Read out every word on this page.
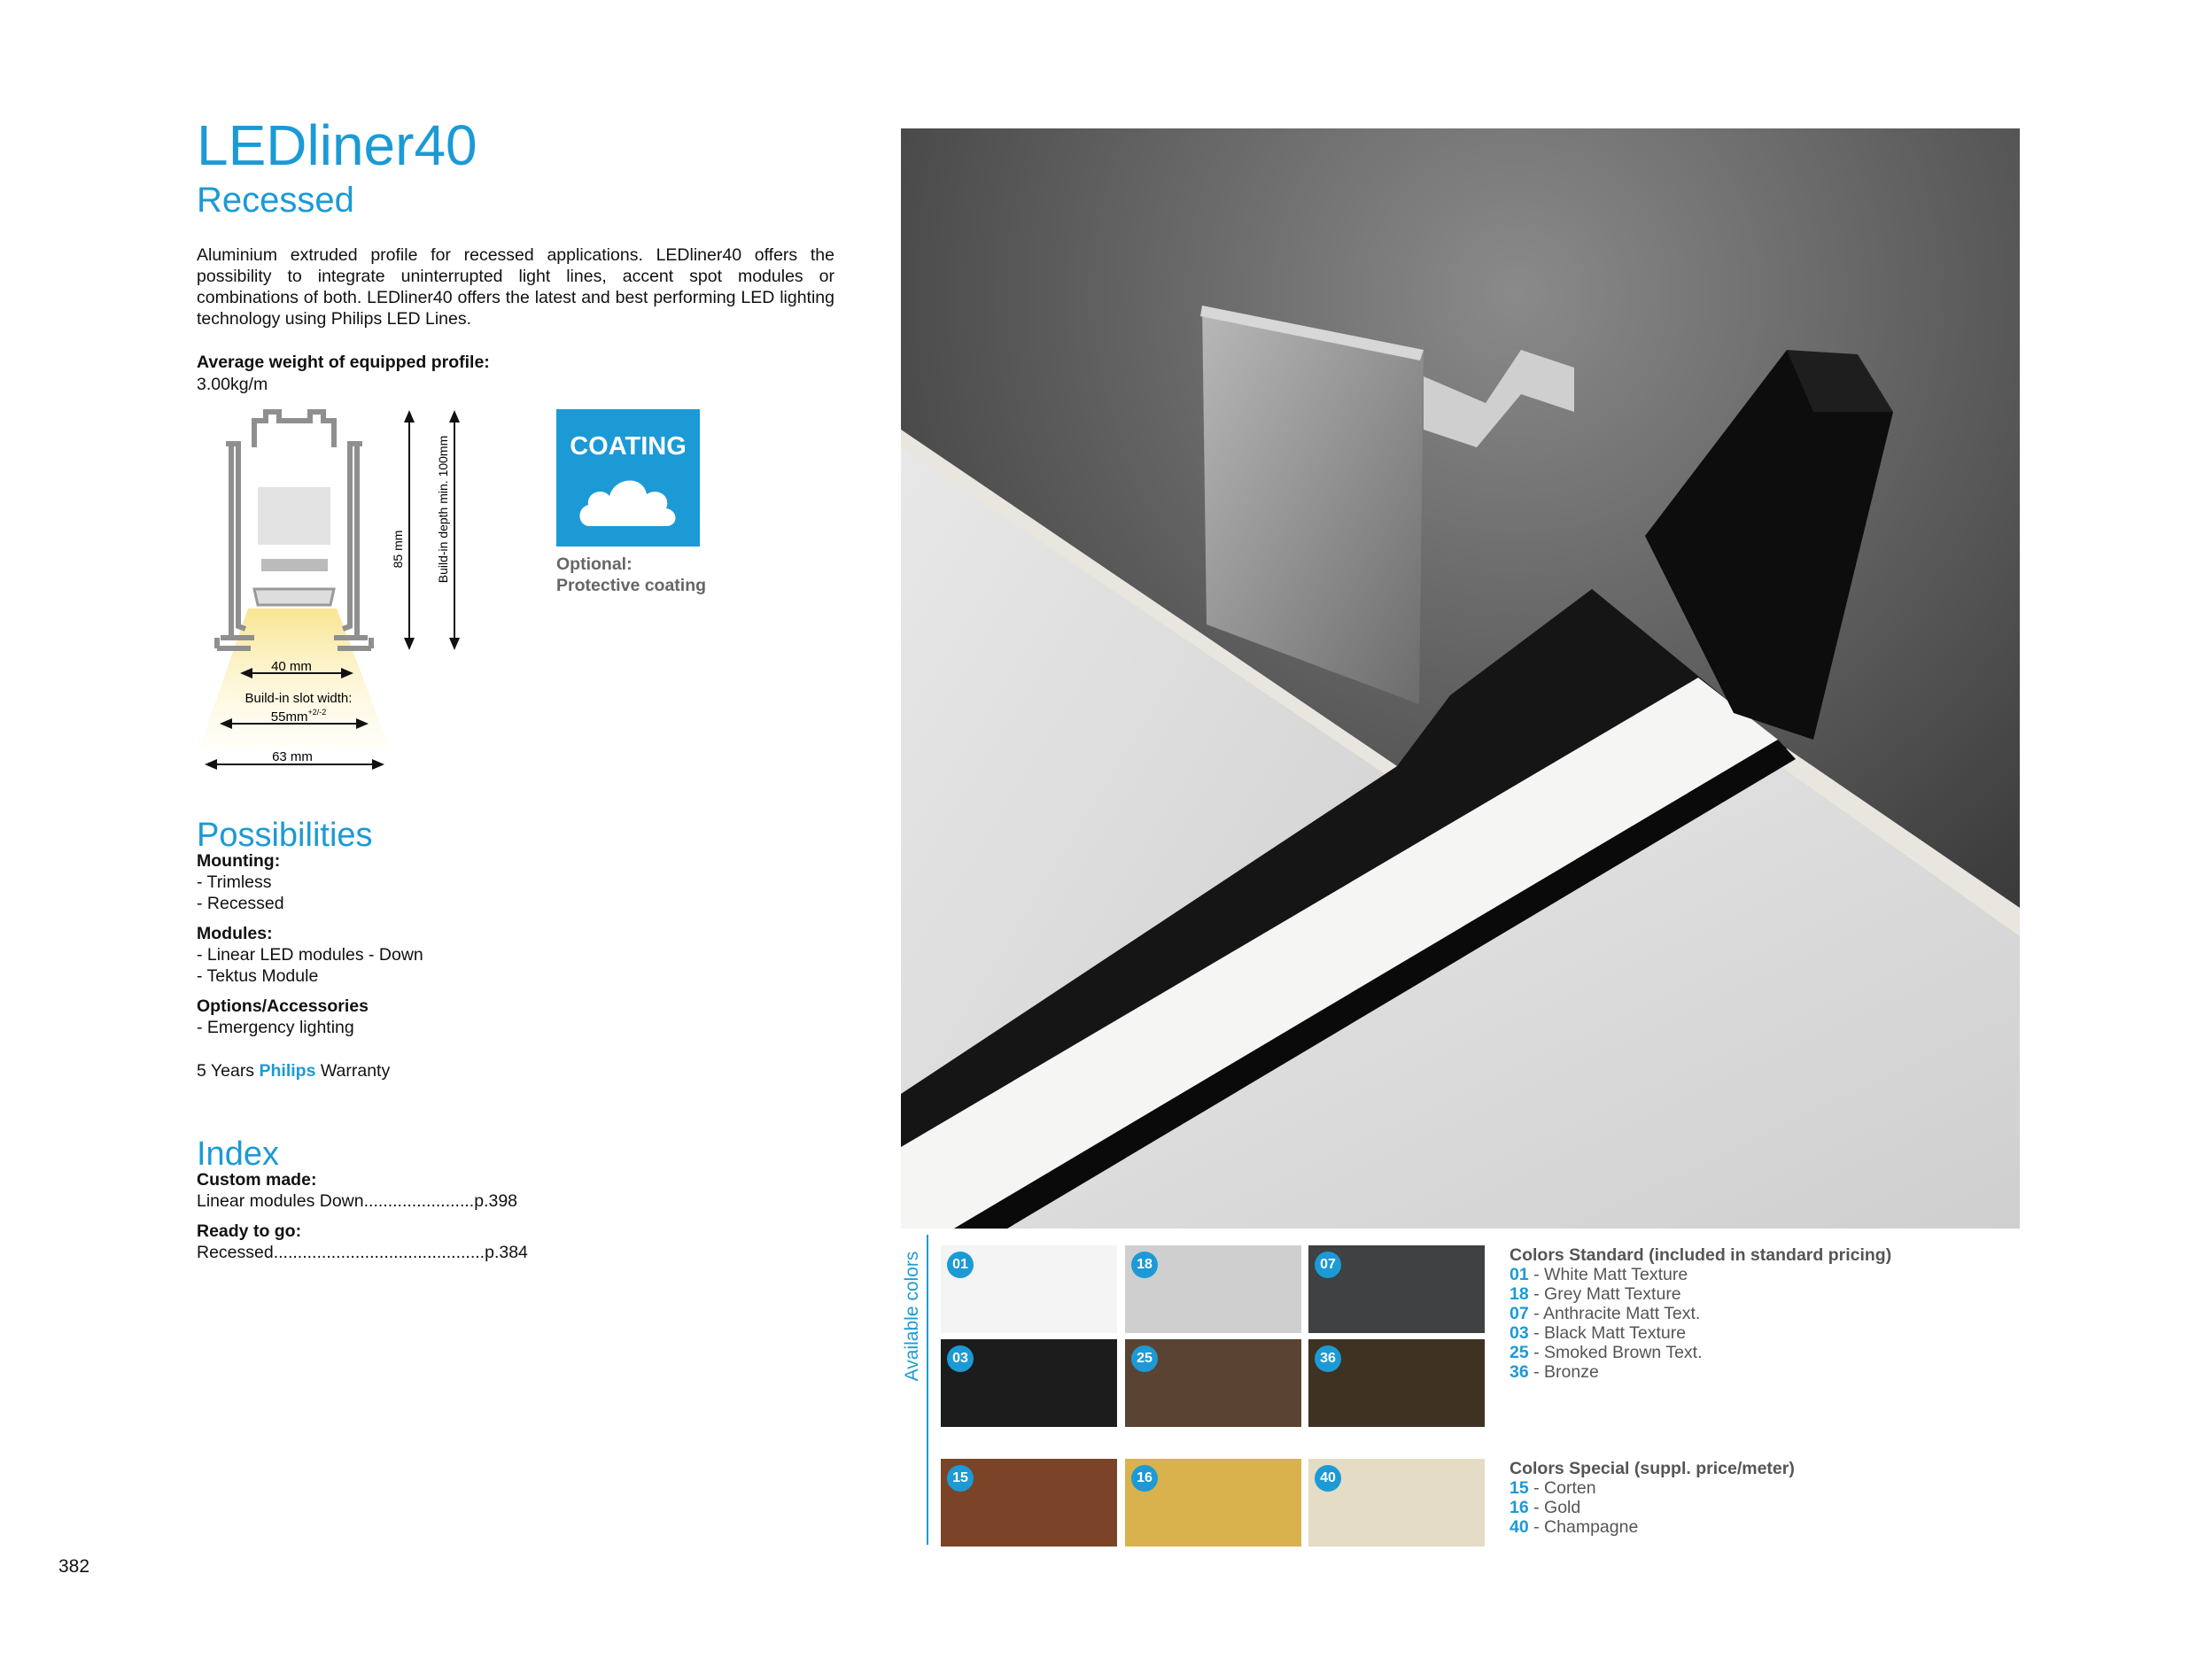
LEDliner40
Recessed
Aluminium extruded profile for recessed applications. LEDliner40 offers the possibility to integrate uninterrupted light lines, accent spot modules or combinations of both. LEDliner40 offers the latest and best performing LED lighting technology using Philips LED Lines.
Average weight of equipped profile:
3.00kg/m
85 mm	Build-in depth min. 100mm
40 mm
Build-in slot width:
$55mm^{+2/-2}$
63 mm
COATING
Optional:
Protective coating
Possibilities
Mounting:
- Trimless
- Recessed
Modules:
- Linear LED modules - Down
- Tektus Module
Options/Accessories
- Emergency lighting
5 Years Philips Warranty
Index
Custom made:
Linear modules Down.......................p.398
Ready to go:
Recessed............................................p.384	Available colors	01	18	07
03	25	36
15	16	40
Colors Standard (included in standard pricing)
01 - White Matt Texture
18 - Grey Matt Texture
07 - Anthracite Matt Text.
03 - Black Matt Texture
25 - Smoked Brown Text.
36 - Bronze
Colors Special (suppl. price/meter)
15 - Corten
16 - Gold
40 - Champagne
382
